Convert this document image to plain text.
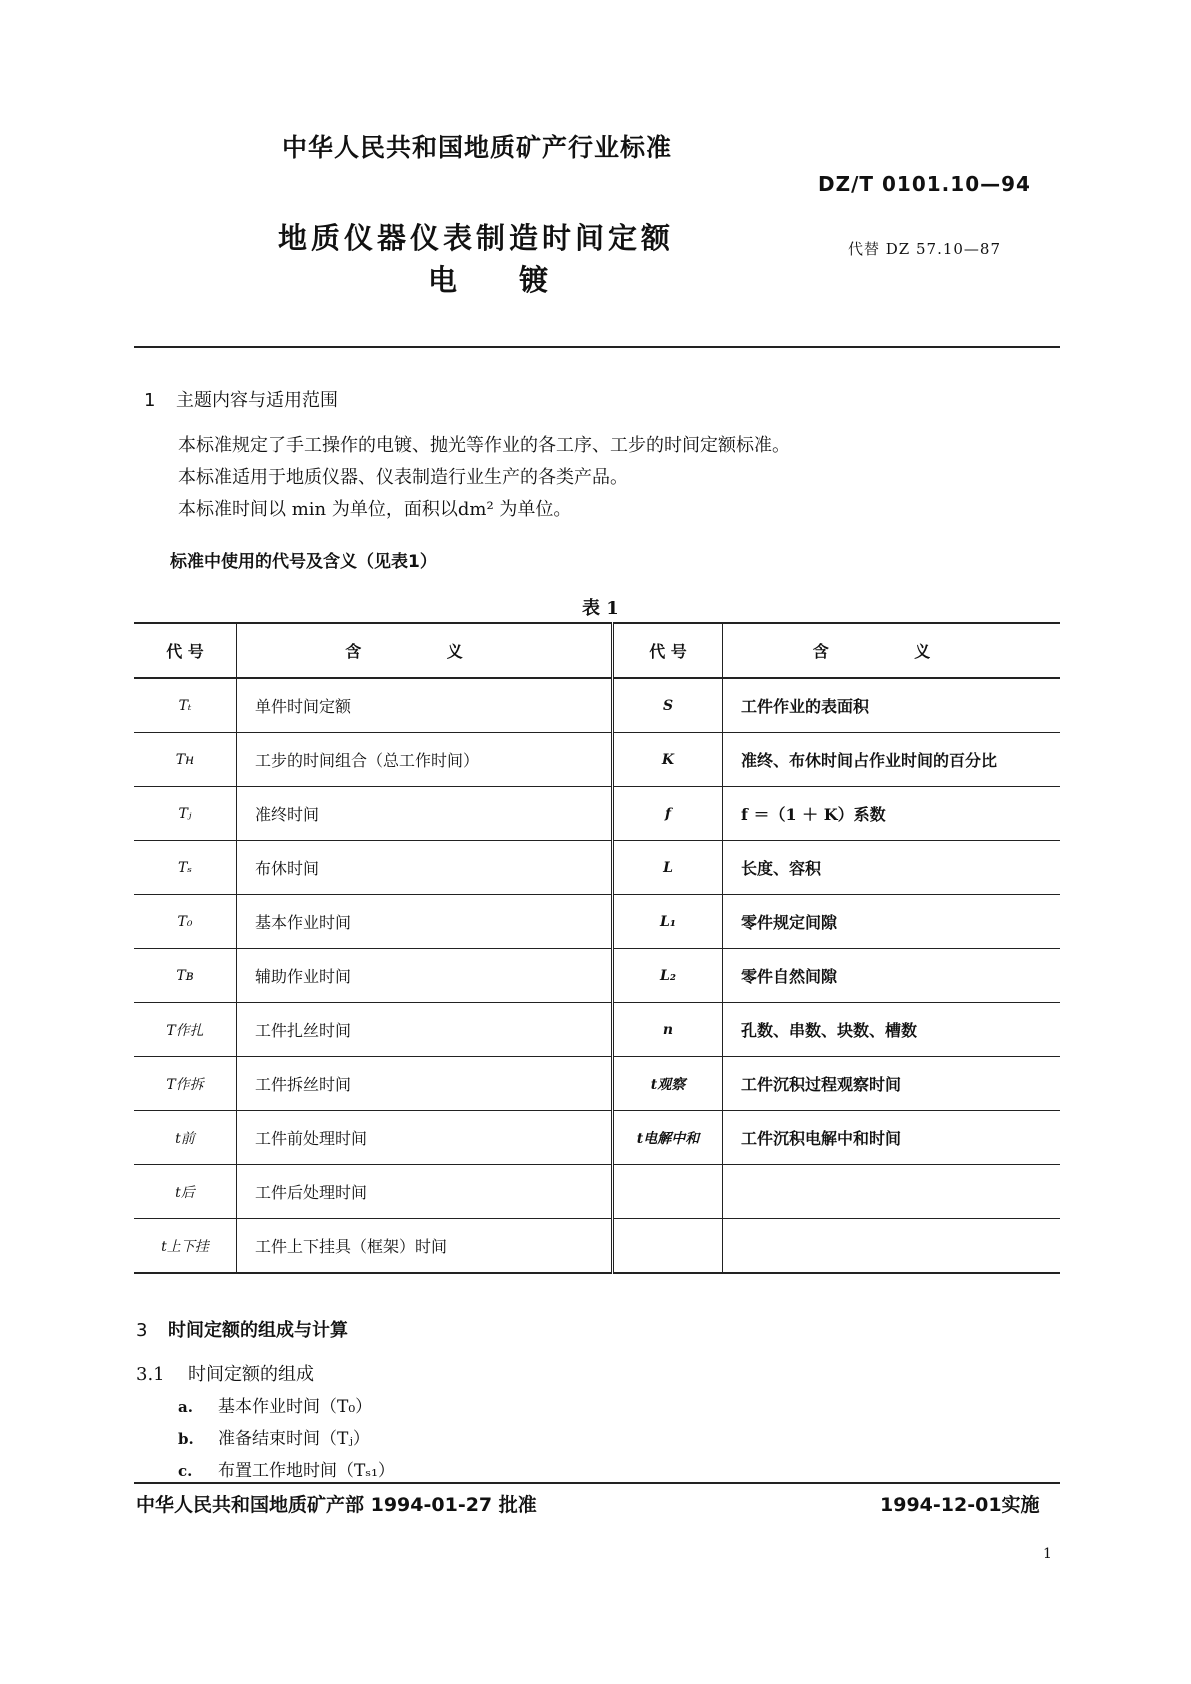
中华人民共和国地质矿产行业标准
DZ/T 0101.10—94
地质仪器仪表制造时间定额
电 镀
代替 DZ 57.10—87
1 主题内容与适用范围
本标准规定了手工操作的电镀、抛光等作业的各工序、工步的时间定额标准。
本标准适用于地质仪器、仪表制造行业生产的各类产品。
本标准时间以 min 为单位，面积以dm² 为单位。
标准中使用的代号及含义（见表1）
表 1
代 号	含 义	代 号	含 义
Tₜ	单件时间定额	S	工件作业的表面积
Tн	工步的时间组合（总工作时间）	K	准终、布休时间占作业时间的百分比
Tⱼ	准终时间	f	f ＝（1 ＋ K）系数
Tₛ	布休时间	L	长度、容积
T₀	基本作业时间	L₁	零件规定间隙
Tʙ	辅助作业时间	L₂	零件自然间隙
T作扎	工件扎丝时间	n	孔数、串数、块数、槽数
T作拆	工件拆丝时间	t观察	工件沉积过程观察时间
t前	工件前处理时间	t电解中和	工件沉积电解中和时间
t后	工件后处理时间		
t上下挂	工件上下挂具（框架）时间		
3 时间定额的组成与计算
3.1 时间定额的组成
a. 基本作业时间（T₀）
b. 准备结束时间（Tⱼ）
c. 布置工作地时间（Tₛ₁）
中华人民共和国地质矿产部 1994-01-27 批准	1994-12-01实施
1
